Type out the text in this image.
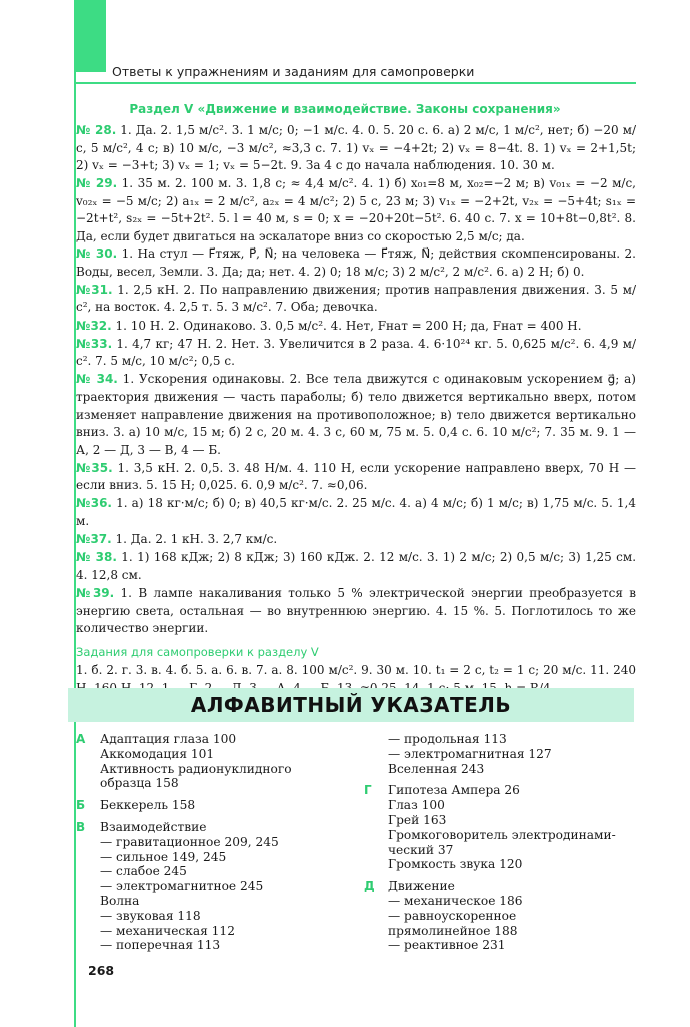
Ответы к упражнениям и заданиям для самопроверки
Раздел V «Движение и взаимодействие. Законы сохранения»

№ 28. 1. Да. 2. 1,5 м/с². 3. 1 м/с; 0; −1 м/с. 4. 0. 5. 20 с. 6. а) 2 м/с, 1 м/с², нет; б) −20 м/с, 5 м/с², 4 с; в) 10 м/с, −3 м/с², ≈3,3 с. 7. 1) vₓ = −4+2t; 2) vₓ = 8−4t. 8. 1) vₓ = 2+1,5t; 2) vₓ = −3+t; 3) vₓ = 1; vₓ = 5−2t. 9. За 4 с до начала наблюдения. 10. 30 м.

№ 29. 1. 35 м. 2. 100 м. 3. 1,8 с; ≈ 4,4 м/с². 4. 1) б) x₀₁=8 м, x₀₂=−2 м; в) v₀₁ₓ = −2 м/с, v₀₂ₓ = −5 м/с; 2) a₁ₓ = 2 м/с², a₂ₓ = 4 м/с²; 2) 5 с, 23 м; 3) v₁ₓ = −2+2t, v₂ₓ = −5+4t; s₁ₓ = −2t+t², s₂ₓ = −5t+2t². 5. l = 40 м, s = 0; x = −20+20t−5t². 6. 40 с. 7. x = 10+8t−0,8t². 8. Да, если будет двигаться на эскалаторе вниз со скоростью 2,5 м/с; да.

№ 30. 1. На стул — F⃗тяж, P⃗, N⃗; на человека — F⃗тяж, N⃗; действия скомпенсированы. 2. Воды, весел, Земли. 3. Да; да; нет. 4. 2) 0; 18 м/с; 3) 2 м/с², 2 м/с². 6. а) 2 Н; б) 0.

№31. 1. 2,5 кН. 2. По направлению движения; против направления движения. 3. 5 м/с², на восток. 4. 2,5 т. 5. 3 м/с². 7. Оба; девочка.

№32. 1. 10 Н. 2. Одинаково. 3. 0,5 м/с². 4. Нет, Fнат = 200 Н; да, Fнат = 400 Н.

№33. 1. 4,7 кг; 47 Н. 2. Нет. 3. Увеличится в 2 раза. 4. 6·10²⁴ кг. 5. 0,625 м/с². 6. 4,9 м/с². 7. 5 м/с, 10 м/с²; 0,5 с.

№ 34. 1. Ускорения одинаковы. 2. Все тела движутся с одинаковым ускорением g⃗; а) траектория движения — часть параболы; б) тело движется вертикально вверх, потом изменяет направление движения на противоположное; в) тело движется вертикально вниз. 3. а) 10 м/с, 15 м; б) 2 с, 20 м. 4. 3 с, 60 м, 75 м. 5. 0,4 с. 6. 10 м/с²; 7. 35 м. 9. 1 — А, 2 — Д, 3 — В, 4 — Б.

№35. 1. 3,5 кН. 2. 0,5. 3. 48 Н/м. 4. 110 Н, если ускорение направлено вверх, 70 Н — если вниз. 5. 15 Н; 0,025. 6. 0,9 м/с². 7. ≈0,06.

№36. 1. а) 18 кг·м/с; б) 0; в) 40,5 кг·м/с. 2. 25 м/с. 4. а) 4 м/с; б) 1 м/с; в) 1,75 м/с. 5. 1,4 м.

№37. 1. Да. 2. 1 кН. 3. 2,7 км/с.

№ 38. 1. 1) 168 кДж; 2) 8 кДж; 3) 160 кДж. 2. 12 м/с. 3. 1) 2 м/с; 2) 0,5 м/с; 3) 1,25 см. 4. 12,8 см.

№39. 1. В лампе накаливания только 5 % электрической энергии преобразуется в энергию света, остальная — во внутреннюю энергию. 4. 15 %. 5. Поглотилось то же количество энергии.

Задания для самопроверки к разделу V

1. б. 2. г. 3. в. 4. б. 5. а. 6. в. 7. а. 8. 100 м/с². 9. 30 м. 10. t₁ = 2 с, t₂ = 1 с; 20 м/с. 11. 240

АЛФАВИТНЫЙ УКАЗАТЕЛЬ
А Адаптация глаза 100
Аккомодация 101
Активность радионуклидного
образца 158
Б Беккерель 158
В Взаимодействие
— гравитационное 209, 245
— сильное 149, 245
— слабое 245
— электромагнитное 245
Волна
— звуковая 118
— механическая 112
— поперечная 113
— продольная 113
— электромагнитная 127
Вселенная 243
Г Гипотеза Ампера 26
Глаз 100
Грей 163
Громкоговоритель электродинами-
ческий 37
Громкость звука 120
Д Движение
— механическое 186
— равноускоренное
прямолинейное 188
— реактивное 231
268
